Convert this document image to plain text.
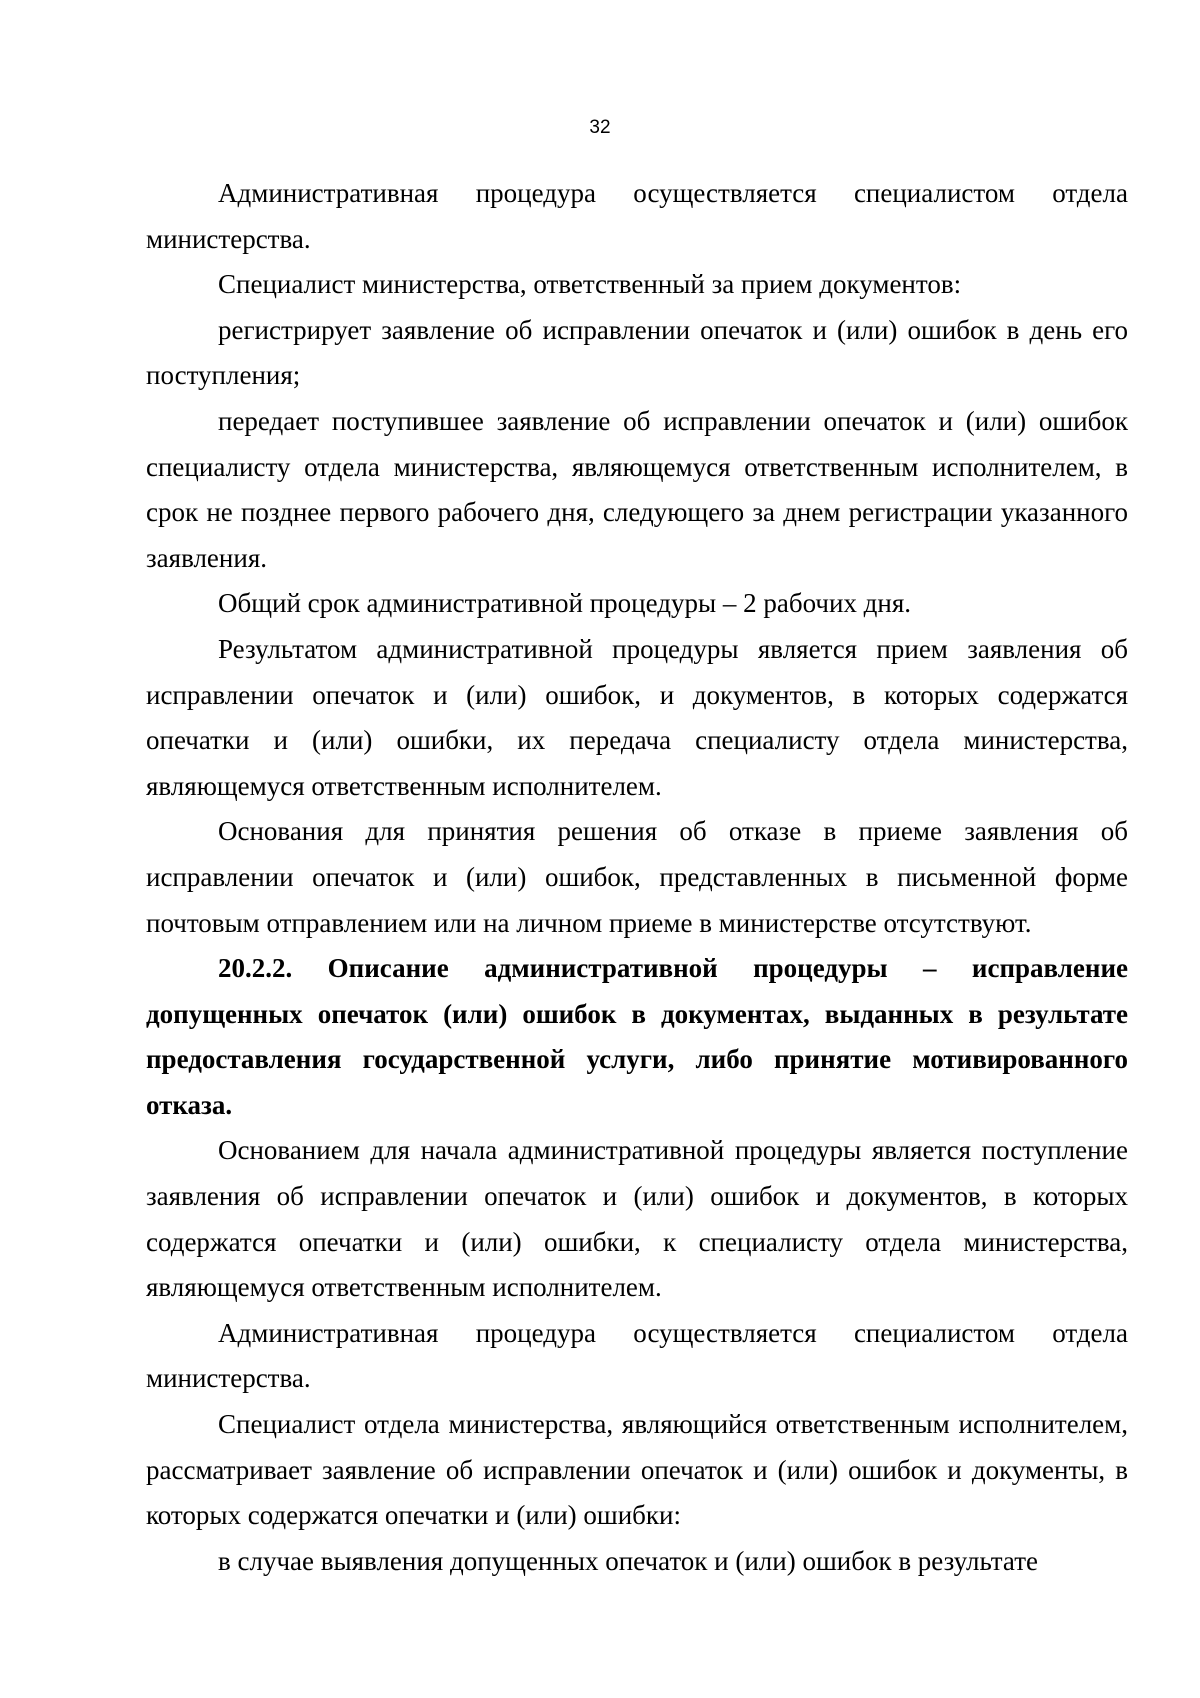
32

Административная процедура осуществляется специалистом отдела министерства.

Специалист министерства, ответственный за прием документов:

регистрирует заявление об исправлении опечаток и (или) ошибок в день его поступления;

передает поступившее заявление об исправлении опечаток и (или) ошибок специалисту отдела министерства, являющемуся ответственным исполнителем, в срок не позднее первого рабочего дня, следующего за днем регистрации указанного заявления.

Общий срок административной процедуры – 2 рабочих дня.

Результатом административной процедуры является прием заявления об исправлении опечаток и (или) ошибок, и документов, в которых содержатся опечатки и (или) ошибки, их передача специалисту отдела министерства, являющемуся ответственным исполнителем.

Основания для принятия решения об отказе в приеме заявления об исправлении опечаток и (или) ошибок, представленных в письменной форме почтовым отправлением или на личном приеме в министерстве отсутствуют.

20.2.2. Описание административной процедуры – исправление допущенных опечаток (или) ошибок в документах, выданных в результате предоставления государственной услуги, либо принятие мотивированного отказа.

Основанием для начала административной процедуры является поступление заявления об исправлении опечаток и (или) ошибок и документов, в которых содержатся опечатки и (или) ошибки, к специалисту отдела министерства, являющемуся ответственным исполнителем.

Административная процедура осуществляется специалистом отдела министерства.

Специалист отдела министерства, являющийся ответственным исполнителем, рассматривает заявление об исправлении опечаток и (или) ошибок и документы, в которых содержатся опечатки и (или) ошибки:

в случае выявления допущенных опечаток и (или) ошибок в результате
